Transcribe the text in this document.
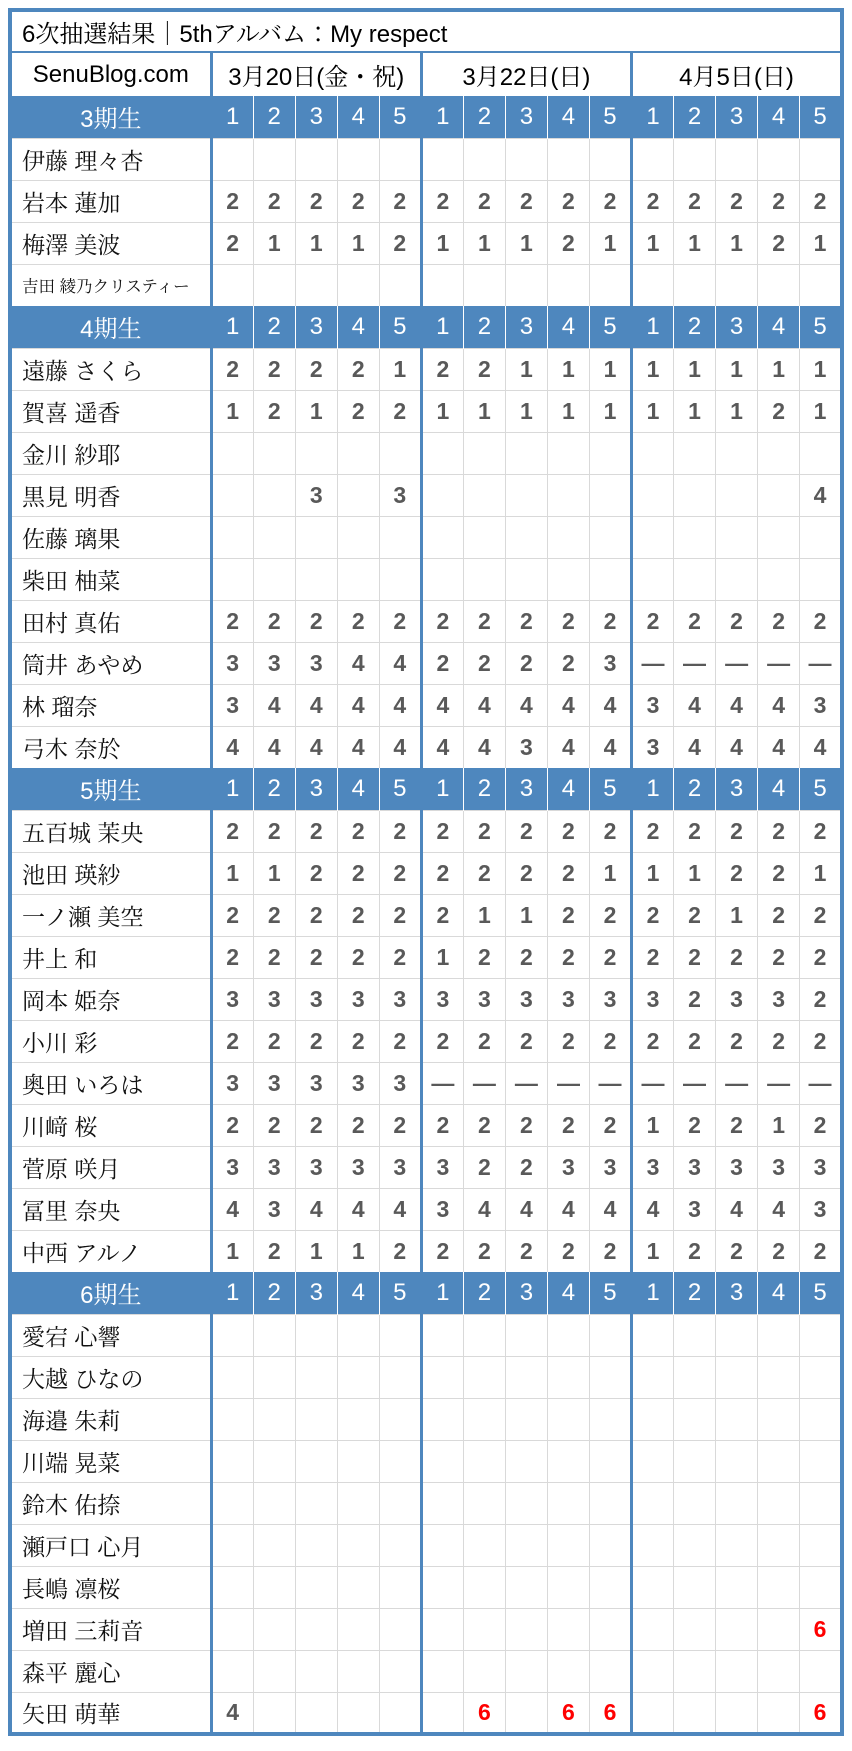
6次抽選結果｜5thアルバム：My respect															
SenuBlog.com	3月20日(金・祝)					3月22日(日)					4月5日(日)				
3期生	1	2	3	4	5	1	2	3	4	5	1	2	3	4	5
伊藤 理々杏															
岩本 蓮加	2	2	2	2	2	2	2	2	2	2	2	2	2	2	2
梅澤 美波	2	1	1	1	2	1	1	1	2	1	1	1	1	2	1
吉田 綾乃クリスティー															
4期生	1	2	3	4	5	1	2	3	4	5	1	2	3	4	5
遠藤 さくら	2	2	2	2	1	2	2	1	1	1	1	1	1	1	1
賀喜 遥香	1	2	1	2	2	1	1	1	1	1	1	1	1	2	1
金川 紗耶															
黒見 明香			3		3										4
佐藤 璃果															
柴田 柚菜															
田村 真佑	2	2	2	2	2	2	2	2	2	2	2	2	2	2	2
筒井 あやめ	3	3	3	4	4	2	2	2	2	3	—	—	—	—	—
林 瑠奈	3	4	4	4	4	4	4	4	4	4	3	4	4	4	3
弓木 奈於	4	4	4	4	4	4	4	3	4	4	3	4	4	4	4
5期生	1	2	3	4	5	1	2	3	4	5	1	2	3	4	5
五百城 茉央	2	2	2	2	2	2	2	2	2	2	2	2	2	2	2
池田 瑛紗	1	1	2	2	2	2	2	2	2	1	1	1	2	2	1
一ノ瀬 美空	2	2	2	2	2	2	1	1	2	2	2	2	1	2	2
井上 和	2	2	2	2	2	1	2	2	2	2	2	2	2	2	2
岡本 姫奈	3	3	3	3	3	3	3	3	3	3	3	2	3	3	2
小川 彩	2	2	2	2	2	2	2	2	2	2	2	2	2	2	2
奥田 いろは	3	3	3	3	3	—	—	—	—	—	—	—	—	—	—
川﨑 桜	2	2	2	2	2	2	2	2	2	2	1	2	2	1	2
菅原 咲月	3	3	3	3	3	3	2	2	3	3	3	3	3	3	3
冨里 奈央	4	3	4	4	4	3	4	4	4	4	4	3	4	4	3
中西 アルノ	1	2	1	1	2	2	2	2	2	2	1	2	2	2	2
6期生	1	2	3	4	5	1	2	3	4	5	1	2	3	4	5
愛宕 心響															
大越 ひなの															
海邉 朱莉															
川端 晃菜															
鈴木 佑捺															
瀬戸口 心月															
長嶋 凛桜															
増田 三莉音															6
森平 麗心															
矢田 萌華	4						6		6	6					6
